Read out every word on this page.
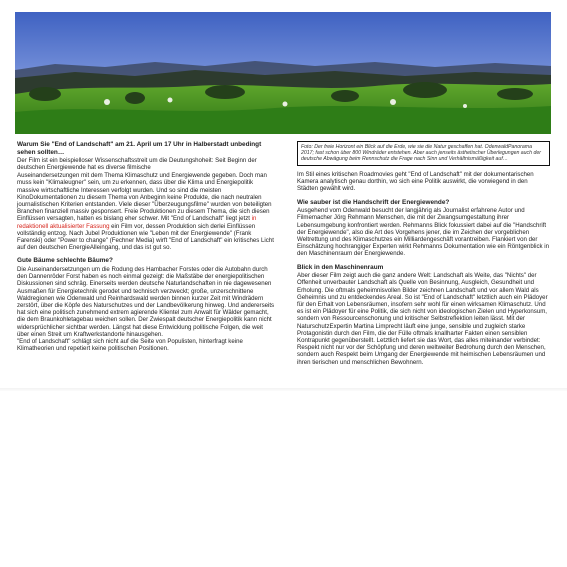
Warum Sie "End of Landschaft" am 21. April um 17 Uhr in Halberstadt unbedingt sehen sollten…

Der Film ist ein beispielloser Wissenschaftsstreit um die Deutungshoheit: Seit Beginn der deutschen Energiewende hat es diverse filmische

Auseinandersetzungen mit dem Thema Klimaschutz und Energiewende gegeben. Doch man muss kein "Klimaleugner" sein, um zu erkennen, dass über die Klima und Energiepolitik massive wirtschaftliche Interessen verfolgt wurden. Und so sind die meisten KinoDokumentationen zu diesem Thema von Anbeginn keine Produkte, die nach neutralen journalistischen Kriterien entstanden. Viele dieser "Überzeugungsfilme" wurden von beteiligten Branchen finanziell massiv gesponsert. Freie Produktionen zu diesem Thema, die sich diesen Einflüssen versagten, hatten es bislang eher schwer. Mit "End of Landschaft" liegt jetzt in redaktionell aktualisierter Fassung ein Film vor, dessen Produktion sich derlei Einflüssen vollständig entzog. Nach Jubel Produktionen wie "Leben mit der Energiewende" (Frank Farenski) oder "Power to change" (Fechner Media) wirft "End of Landschaft" ein kritisches Licht auf den deutschen EnergieAlleingang, und das ist gut so.

Gute Bäume schlechte Bäume?

Die Auseinandersetzungen um die Rodung des Hambacher Forstes oder die Autobahn durch den Dannenröder Forst haben es noch einmal gezeigt: die Maßstäbe der energiepolitischen Diskussionen sind schräg. Einerseits werden deutsche Naturlandschaften in nie dagewesenen Ausmaßen für Energietechnik gerodet und technisch verzweckt; große, unzerschnittene Waldregionen wie Odenwald und Reinhardswald werden binnen kurzer Zeit mit Windrädern zerstört, über die Köpfe des Naturschutzes und der Landbevölkerung hinweg. Und andererseits hat sich eine politisch zunehmend extrem agierende Klientel zum Anwalt für Wälder gemacht, die dem Braunkohletagebau weichen sollen. Der Zwiespalt deutscher Energiepolitik kann nicht widersprüchlicher sichtbar werden. Längst hat diese Entwicklung politische Folgen, die weit über einen Streit um Kraftwerkstandorte hinausgehen.

"End of Landschaft" schlägt sich nicht auf die Seite von Populisten, hinterfragt keine Klimatheorien und repetiert keine politischen Positionen.

Foto: Der freie Horizont ein Blick auf die Erde, wie sie die Natur geschaffen hat. OdenwaldPanorama 2017; fast schon über 800 Windräder entstehen. Aber auch jenseits ästhetischer Überlegungen auch der deutsche Abwägung beim Rennschutz die Frage nach Sinn und Verhältnismäßigkeit auf…

Im Stil eines kritischen Roadmovies geht "End of Landschaft" mit der dokumentarischen Kamera analytisch genau dorthin, wo sich eine Politik auswirkt, die vorwiegend in den Städten gewählt wird.

Wie sauber ist die Handschrift der Energiewende?

Ausgehend vom Odenwald besucht der langjährig als Journalist erfahrene Autor und Filmemacher Jörg Rehmann Menschen, die mit der Zwangsumgestaltung ihrer Lebensumgebung konfrontiert werden. Rehmanns Blick fokussiert dabei auf die "Handschrift der Energiewende", also die Art des Vorgehens jener, die im Zeichen der vorgeblichen Weltrettung und des Klimaschutzes ein Milliardengeschäft vorantreiben. Flankiert von der Einschätzung hochrangiger Experten wirkt Rehmanns Dokumentation wie ein Röntgenblick in den Maschinenraum der Energiewende.

Blick in den Maschinenraum

Aber dieser Film zeigt auch die ganz andere Welt: Landschaft als Weite, das "Nichts" der Offenheit unverbauter Landschaft als Quelle von Besinnung, Ausgleich, Gesundheit und Erholung. Die oftmals geheimnisvollen Bilder zeichnen Landschaft und vor allem Wald als Geheimnis und zu entdeckendes Areal. So ist "End of Landschaft" letztlich auch ein Plädoyer für den Erhalt von Lebensräumen, insofern sehr wohl für einen wirksamen Klimaschutz. Und es ist ein Plädoyer für eine Politik, die sich nicht von ideologischen Zielen und Hyperkonsum, sondern von Ressourcenschonung und kritischer Selbstreflektion leiten lässt. Mit der NaturschutzExpertin Martina Limprecht läuft eine junge, sensible und zugleich starke Protagonistin durch den Film, die der Fülle oftmals knallharter Fakten einen sensiblen Kontrapunkt gegenüberstellt. Letztlich liefert sie das Wort, das alles miteinander verbindet: Respekt nicht nur vor der Schöpfung und deren weltweiter Bedrohung durch den Menschen, sondern auch Respekt beim Umgang der Energiewende mit heimischen Lebensräumen und ihren tierischen und menschlichen Bewohnern.
